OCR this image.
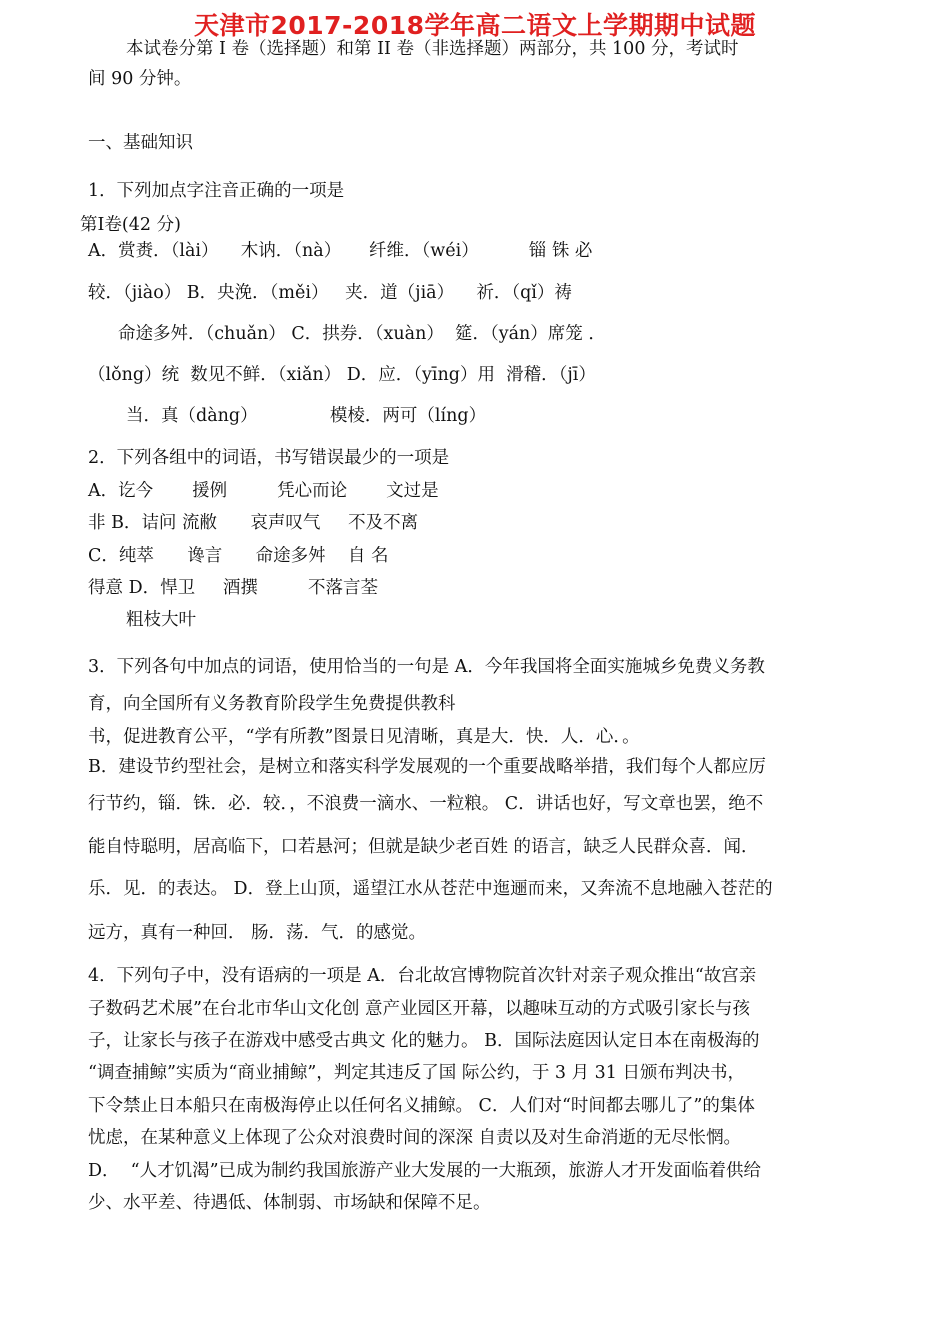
天津市2017-2018学年高二语文上学期期中试题
本试卷分第 I 卷（选择题）和第 II 卷（非选择题）两部分，共 100 分，考试时
间 90 分钟。
一、基础知识
1．下列加点字注音正确的一项是
第Ⅰ卷(42 分)
A．赏赉．（lài）    木讷．（nà）     纤维．（wéi）         锱 铢 必
较．（jiào） B．央浼．（měi）   夹．道（jiā）    祈．（qǐ）祷
命途多舛．（chuǎn） C．拱券．（xuàn）  筵．（yán）席笼 ．
（lǒng）统  数见不鲜．（xiǎn） D．应．（yīng）用  滑稽．（jī）
当．真（dàng）             模棱．两可（líng）
2．下列各组中的词语，书写错误最少的一项是
A．讫今       援例         凭心而论       文过是
非 B．诘问 流敝      哀声叹气     不及不离
C．纯萃      谗言      命途多舛    自 名
得意 D．悍卫     酒撰         不落言荃
粗枝大叶
3．下列各句中加点的词语，使用恰当的一句是 A．今年我国将全面实施城乡免费义务教
育，向全国所有义务教育阶段学生免费提供教科
书，促进教育公平，“学有所教”图景日见清晰，真是大．快．人．心．。
B．建设节约型社会，是树立和落实科学发展观的一个重要战略举措，我们每个人都应厉
行节约，锱．铢．必．较．，不浪费一滴水、一粒粮。 C．讲话也好，写文章也罢，绝不
能自恃聪明，居高临下，口若悬河；但就是缺少老百姓 的语言，缺乏人民群众喜．闻．
乐．见．的表达。 D．登上山顶，遥望江水从苍茫中迤逦而来，又奔流不息地融入苍茫的
远方，真有一种回． 肠．荡．气．的感觉。
4．下列句子中，没有语病的一项是 A．台北故宫博物院首次针对亲子观众推出“故宫亲
子数码艺术展”在台北市华山文化创 意产业园区开幕，以趣味互动的方式吸引家长与孩
子，让家长与孩子在游戏中感受古典文 化的魅力。 B．国际法庭因认定日本在南极海的
“调查捕鲸”实质为“商业捕鲸”，判定其违反了国 际公约，于 3 月 31 日颁布判决书，
下令禁止日本船只在南极海停止以任何名义捕鲸。 C．人们对“时间都去哪儿了”的集体
忧虑，在某种意义上体现了公众对浪费时间的深深 自责以及对生命消逝的无尽怅惘。
D．  “人才饥渴”已成为制约我国旅游产业大发展的一大瓶颈，旅游人才开发面临着供给
少、水平差、待遇低、体制弱、市场缺和保障不足。
